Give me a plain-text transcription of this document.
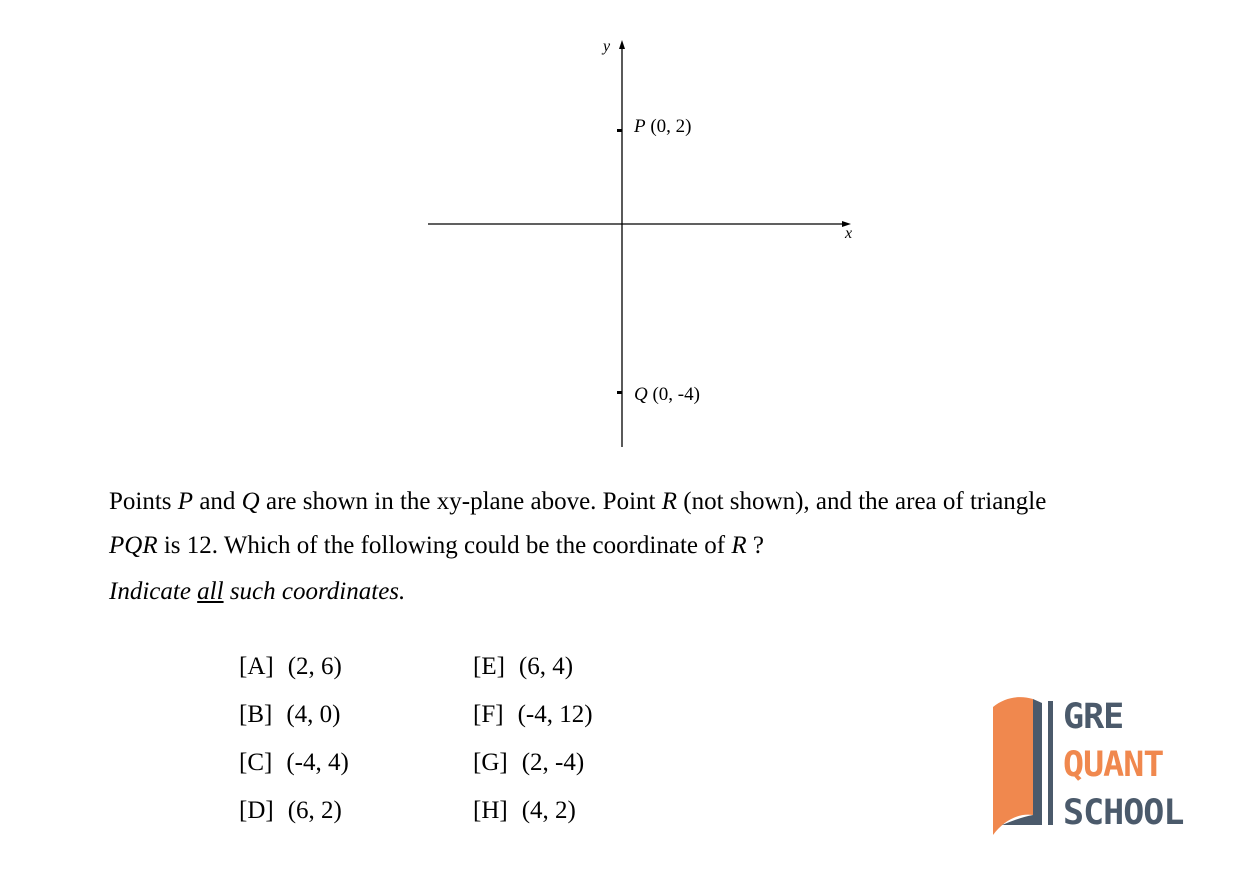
y
x
P (0, 2)
Q (0, -4)
Points P and Q are shown in the xy-plane above. Point R (not shown), and the area of triangle
PQR is 12. Which of the following could be the coordinate of R ?
Indicate all such coordinates.
[A] (2, 6)
[B] (4, 0)
[C] (-4, 4)
[D] (6, 2)
[E] (6, 4)
[F] (-4, 12)
[G] (2, -4)
[H] (4, 2)
GRE
QUANT
SCHOOL
